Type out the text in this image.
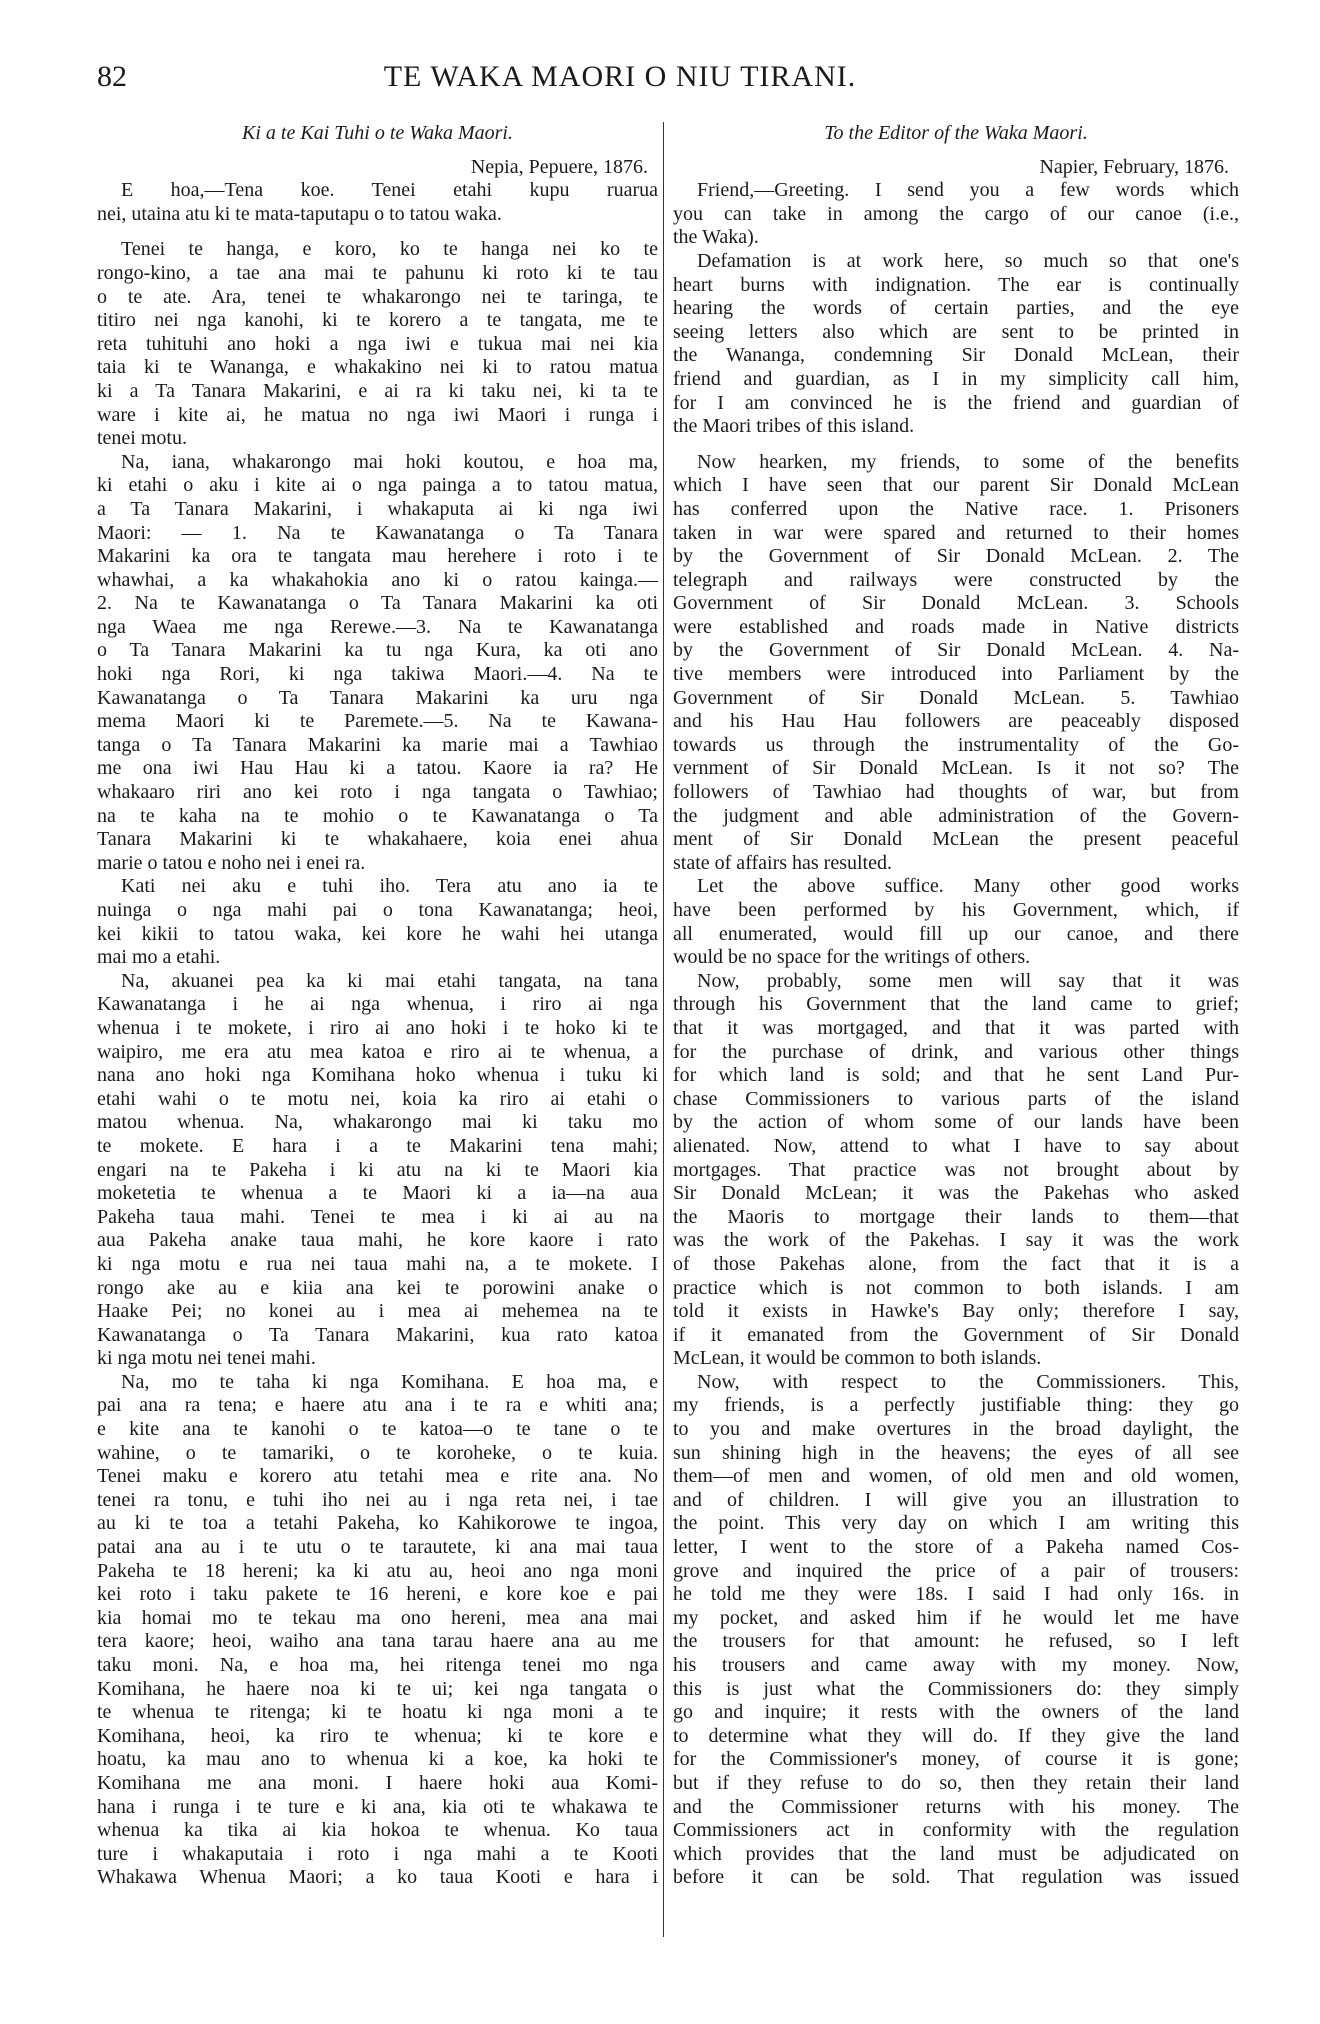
82	TE WAKA MAORI O NIU TIRANI.
Ki a te Kai Tuhi o te Waka Maori.
Nepia, Pepuere, 1876.
E hoa,—Tena koe. Tenei etahi kupu ruarua
nei, utaina atu ki te mata-taputapu o to tatou waka.
Tenei te hanga, e koro, ko te hanga nei ko te
rongo-kino, a tae ana mai te pahunu ki roto ki te tau
o te ate. Ara, tenei te whakarongo nei te taringa, te
titiro nei nga kanohi, ki te korero a te tangata, me te
reta tuhituhi ano hoki a nga iwi e tukua mai nei kia
taia ki te Wananga, e whakakino nei ki to ratou matua
ki a Ta Tanara Makarini, e ai ra ki taku nei, ki ta te
ware i kite ai, he matua no nga iwi Maori i runga i
tenei motu.
Na, iana, whakarongo mai hoki koutou, e hoa ma,
ki etahi o aku i kite ai o nga painga a to tatou matua,
a Ta Tanara Makarini, i whakaputa ai ki nga iwi
Maori: — 1. Na te Kawanatanga o Ta Tanara
Makarini ka ora te tangata mau herehere i roto i te
whawhai, a ka whakahokia ano ki o ratou kainga.—
2. Na te Kawanatanga o Ta Tanara Makarini ka oti
nga Waea me nga Rerewe.—3. Na te Kawanatanga
o Ta Tanara Makarini ka tu nga Kura, ka oti ano
hoki nga Rori, ki nga takiwa Maori.—4. Na te
Kawanatanga o Ta Tanara Makarini ka uru nga
mema Maori ki te Paremete.—5. Na te Kawana-
tanga o Ta Tanara Makarini ka marie mai a Tawhiao
me ona iwi Hau Hau ki a tatou. Kaore ia ra? He
whakaaro riri ano kei roto i nga tangata o Tawhiao;
na te kaha na te mohio o te Kawanatanga o Ta
Tanara Makarini ki te whakahaere, koia enei ahua
marie o tatou e noho nei i enei ra.
Kati nei aku e tuhi iho. Tera atu ano ia te
nuinga o nga mahi pai o tona Kawanatanga; heoi,
kei kikii to tatou waka, kei kore he wahi hei utanga
mai mo a etahi.
Na, akuanei pea ka ki mai etahi tangata, na tana
Kawanatanga i he ai nga whenua, i riro ai nga
whenua i te mokete, i riro ai ano hoki i te hoko ki te
waipiro, me era atu mea katoa e riro ai te whenua, a
nana ano hoki nga Komihana hoko whenua i tuku ki
etahi wahi o te motu nei, koia ka riro ai etahi o
matou whenua. Na, whakarongo mai ki taku mo
te mokete. E hara i a te Makarini tena mahi;
engari na te Pakeha i ki atu na ki te Maori kia
moketetia te whenua a te Maori ki a ia—na aua
Pakeha taua mahi. Tenei te mea i ki ai au na
aua Pakeha anake taua mahi, he kore kaore i rato
ki nga motu e rua nei taua mahi na, a te mokete. I
rongo ake au e kiia ana kei te porowini anake o
Haake Pei; no konei au i mea ai mehemea na te
Kawanatanga o Ta Tanara Makarini, kua rato katoa
ki nga motu nei tenei mahi.
Na, mo te taha ki nga Komihana. E hoa ma, e
pai ana ra tena; e haere atu ana i te ra e whiti ana;
e kite ana te kanohi o te katoa—o te tane o te
wahine, o te tamariki, o te koroheke, o te kuia.
Tenei maku e korero atu tetahi mea e rite ana. No
tenei ra tonu, e tuhi iho nei au i nga reta nei, i tae
au ki te toa a tetahi Pakeha, ko Kahikorowe te ingoa,
patai ana au i te utu o te tarautete, ki ana mai taua
Pakeha te 18 hereni; ka ki atu au, heoi ano nga moni
kei roto i taku pakete te 16 hereni, e kore koe e pai
kia homai mo te tekau ma ono hereni, mea ana mai
tera kaore; heoi, waiho ana tana tarau haere ana au me
taku moni. Na, e hoa ma, hei ritenga tenei mo nga
Komihana, he haere noa ki te ui; kei nga tangata o
te whenua te ritenga; ki te hoatu ki nga moni a te
Komihana, heoi, ka riro te whenua; ki te kore e
hoatu, ka mau ano to whenua ki a koe, ka hoki te
Komihana me ana moni. I haere hoki aua Komi-
hana i runga i te ture e ki ana, kia oti te whakawa te
whenua ka tika ai kia hokoa te whenua. Ko taua
ture i whakaputaia i roto i nga mahi a te Kooti
Whakawa Whenua Maori; a ko taua Kooti e hara i
To the Editor of the Waka Maori.
Napier, February, 1876.
Friend,—Greeting. I send you a few words which
you can take in among the cargo of our canoe (i.e.,
the Waka).
Defamation is at work here, so much so that one's
heart burns with indignation. The ear is continually
hearing the words of certain parties, and the eye
seeing letters also which are sent to be printed in
the Wananga, condemning Sir Donald McLean, their
friend and guardian, as I in my simplicity call him,
for I am convinced he is the friend and guardian of
the Maori tribes of this island.
Now hearken, my friends, to some of the benefits
which I have seen that our parent Sir Donald McLean
has conferred upon the Native race. 1. Prisoners
taken in war were spared and returned to their homes
by the Government of Sir Donald McLean. 2. The
telegraph and railways were constructed by the
Government of Sir Donald McLean. 3. Schools
were established and roads made in Native districts
by the Government of Sir Donald McLean. 4. Na-
tive members were introduced into Parliament by the
Government of Sir Donald McLean. 5. Tawhiao
and his Hau Hau followers are peaceably disposed
towards us through the instrumentality of the Go-
vernment of Sir Donald McLean. Is it not so? The
followers of Tawhiao had thoughts of war, but from
the judgment and able administration of the Govern-
ment of Sir Donald McLean the present peaceful
state of affairs has resulted.
Let the above suffice. Many other good works
have been performed by his Government, which, if
all enumerated, would fill up our canoe, and there
would be no space for the writings of others.
Now, probably, some men will say that it was
through his Government that the land came to grief;
that it was mortgaged, and that it was parted with
for the purchase of drink, and various other things
for which land is sold; and that he sent Land Pur-
chase Commissioners to various parts of the island
by the action of whom some of our lands have been
alienated. Now, attend to what I have to say about
mortgages. That practice was not brought about by
Sir Donald McLean; it was the Pakehas who asked
the Maoris to mortgage their lands to them—that
was the work of the Pakehas. I say it was the work
of those Pakehas alone, from the fact that it is a
practice which is not common to both islands. I am
told it exists in Hawke's Bay only; therefore I say,
if it emanated from the Government of Sir Donald
McLean, it would be common to both islands.
Now, with respect to the Commissioners. This,
my friends, is a perfectly justifiable thing: they go
to you and make overtures in the broad daylight, the
sun shining high in the heavens; the eyes of all see
them—of men and women, of old men and old women,
and of children. I will give you an illustration to
the point. This very day on which I am writing this
letter, I went to the store of a Pakeha named Cos-
grove and inquired the price of a pair of trousers:
he told me they were 18s. I said I had only 16s. in
my pocket, and asked him if he would let me have
the trousers for that amount: he refused, so I left
his trousers and came away with my money. Now,
this is just what the Commissioners do: they simply
go and inquire; it rests with the owners of the land
to determine what they will do. If they give the land
for the Commissioner's money, of course it is gone;
but if they refuse to do so, then they retain their land
and the Commissioner returns with his money. The
Commissioners act in conformity with the regulation
which provides that the land must be adjudicated on
before it can be sold. That regulation was issued
